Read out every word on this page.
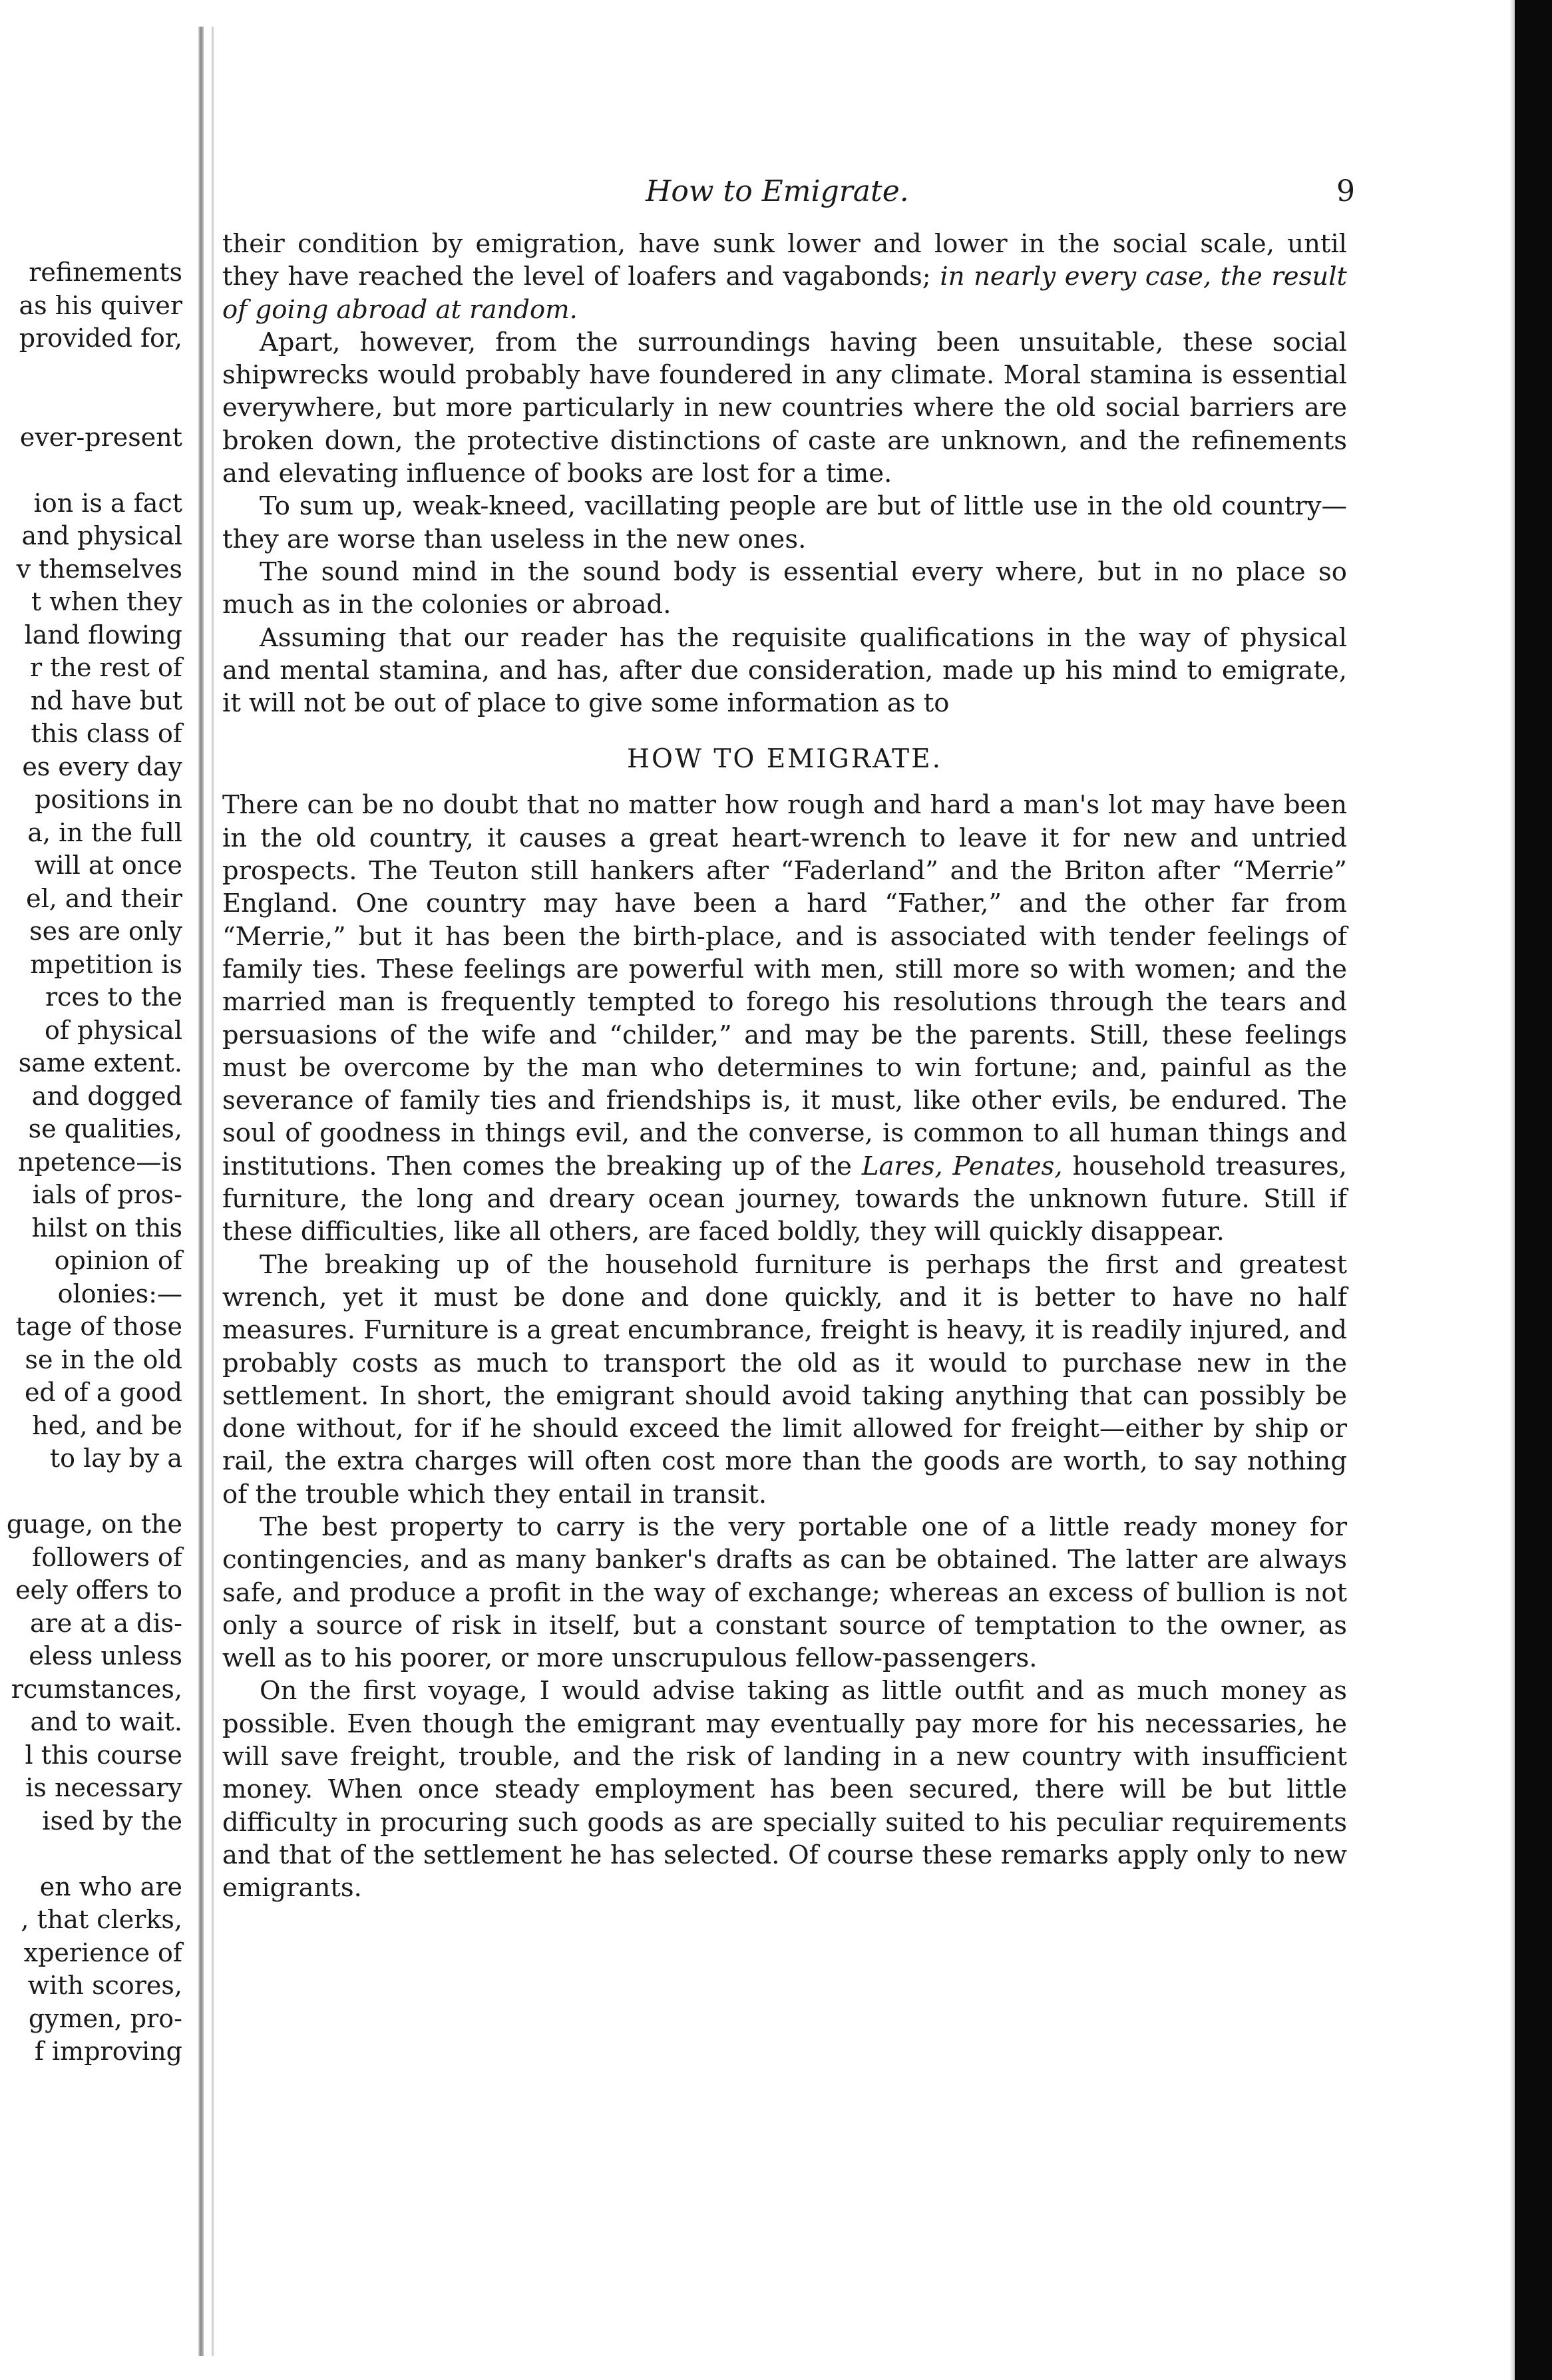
refinements
as his quiver
provided for,

ever-present

ion is a fact
and physical
v themselves
t when they
land flowing
r the rest of
nd have but
this class of
es every day
positions in
a, in the full
will at once
el, and their
ses are only
mpetition is
rces to the
of physical
same extent.
and dogged
se qualities,
npetence—is
ials of pros-
hilst on this
opinion of
olonies:—
tage of those
se in the old
ed of a good
hed, and be
to lay by a

guage, on the
followers of
eely offers to
are at a dis-
eless unless
rcumstances,
and to wait.
l this course
is necessary
ised by the

en who are
, that clerks,
xperience of
with scores,
gymen, pro-
f improving
How to Emigrate.	9

their condition by emigration, have sunk lower and lower in the social scale, until they have reached the level of loafers and vagabonds; in nearly every case, the result of going abroad at random.

Apart, however, from the surroundings having been unsuitable, these social shipwrecks would probably have foundered in any climate. Moral stamina is essential everywhere, but more particularly in new countries where the old social barriers are broken down, the protective distinctions of caste are unknown, and the refinements and elevating influence of books are lost for a time.

To sum up, weak-kneed, vacillating people are but of little use in the old country—they are worse than useless in the new ones.

The sound mind in the sound body is essential every where, but in no place so much as in the colonies or abroad.

Assuming that our reader has the requisite qualifications in the way of physical and mental stamina, and has, after due consideration, made up his mind to emigrate, it will not be out of place to give some information as to

HOW TO EMIGRATE.

There can be no doubt that no matter how rough and hard a man's lot may have been in the old country, it causes a great heart-wrench to leave it for new and untried prospects. The Teuton still hankers after “Faderland” and the Briton after “Merrie” England. One country may have been a hard “Father,” and the other far from “Merrie,” but it has been the birth-place, and is associated with tender feelings of family ties. These feelings are powerful with men, still more so with women; and the married man is frequently tempted to forego his resolutions through the tears and persuasions of the wife and “childer,” and may be the parents. Still, these feelings must be overcome by the man who determines to win fortune; and, painful as the severance of family ties and friendships is, it must, like other evils, be endured. The soul of goodness in things evil, and the converse, is common to all human things and institutions. Then comes the breaking up of the Lares, Penates, household treasures, furniture, the long and dreary ocean journey, towards the unknown future. Still if these difficulties, like all others, are faced boldly, they will quickly disappear.

The breaking up of the household furniture is perhaps the first and greatest wrench, yet it must be done and done quickly, and it is better to have no half measures. Furniture is a great encumbrance, freight is heavy, it is readily injured, and probably costs as much to transport the old as it would to purchase new in the settlement. In short, the emigrant should avoid taking anything that can possibly be done without, for if he should exceed the limit allowed for freight—either by ship or rail, the extra charges will often cost more than the goods are worth, to say nothing of the trouble which they entail in transit.

The best property to carry is the very portable one of a little ready money for contingencies, and as many banker's drafts as can be obtained. The latter are always safe, and produce a profit in the way of exchange; whereas an excess of bullion is not only a source of risk in itself, but a constant source of temptation to the owner, as well as to his poorer, or more unscrupulous fellow-passengers.

On the first voyage, I would advise taking as little outfit and as much money as possible. Even though the emigrant may eventually pay more for his necessaries, he will save freight, trouble, and the risk of landing in a new country with insufficient money. When once steady employment has been secured, there will be but little difficulty in procuring such goods as are specially suited to his peculiar requirements and that of the settlement he has selected. Of course these remarks apply only to new emigrants.
